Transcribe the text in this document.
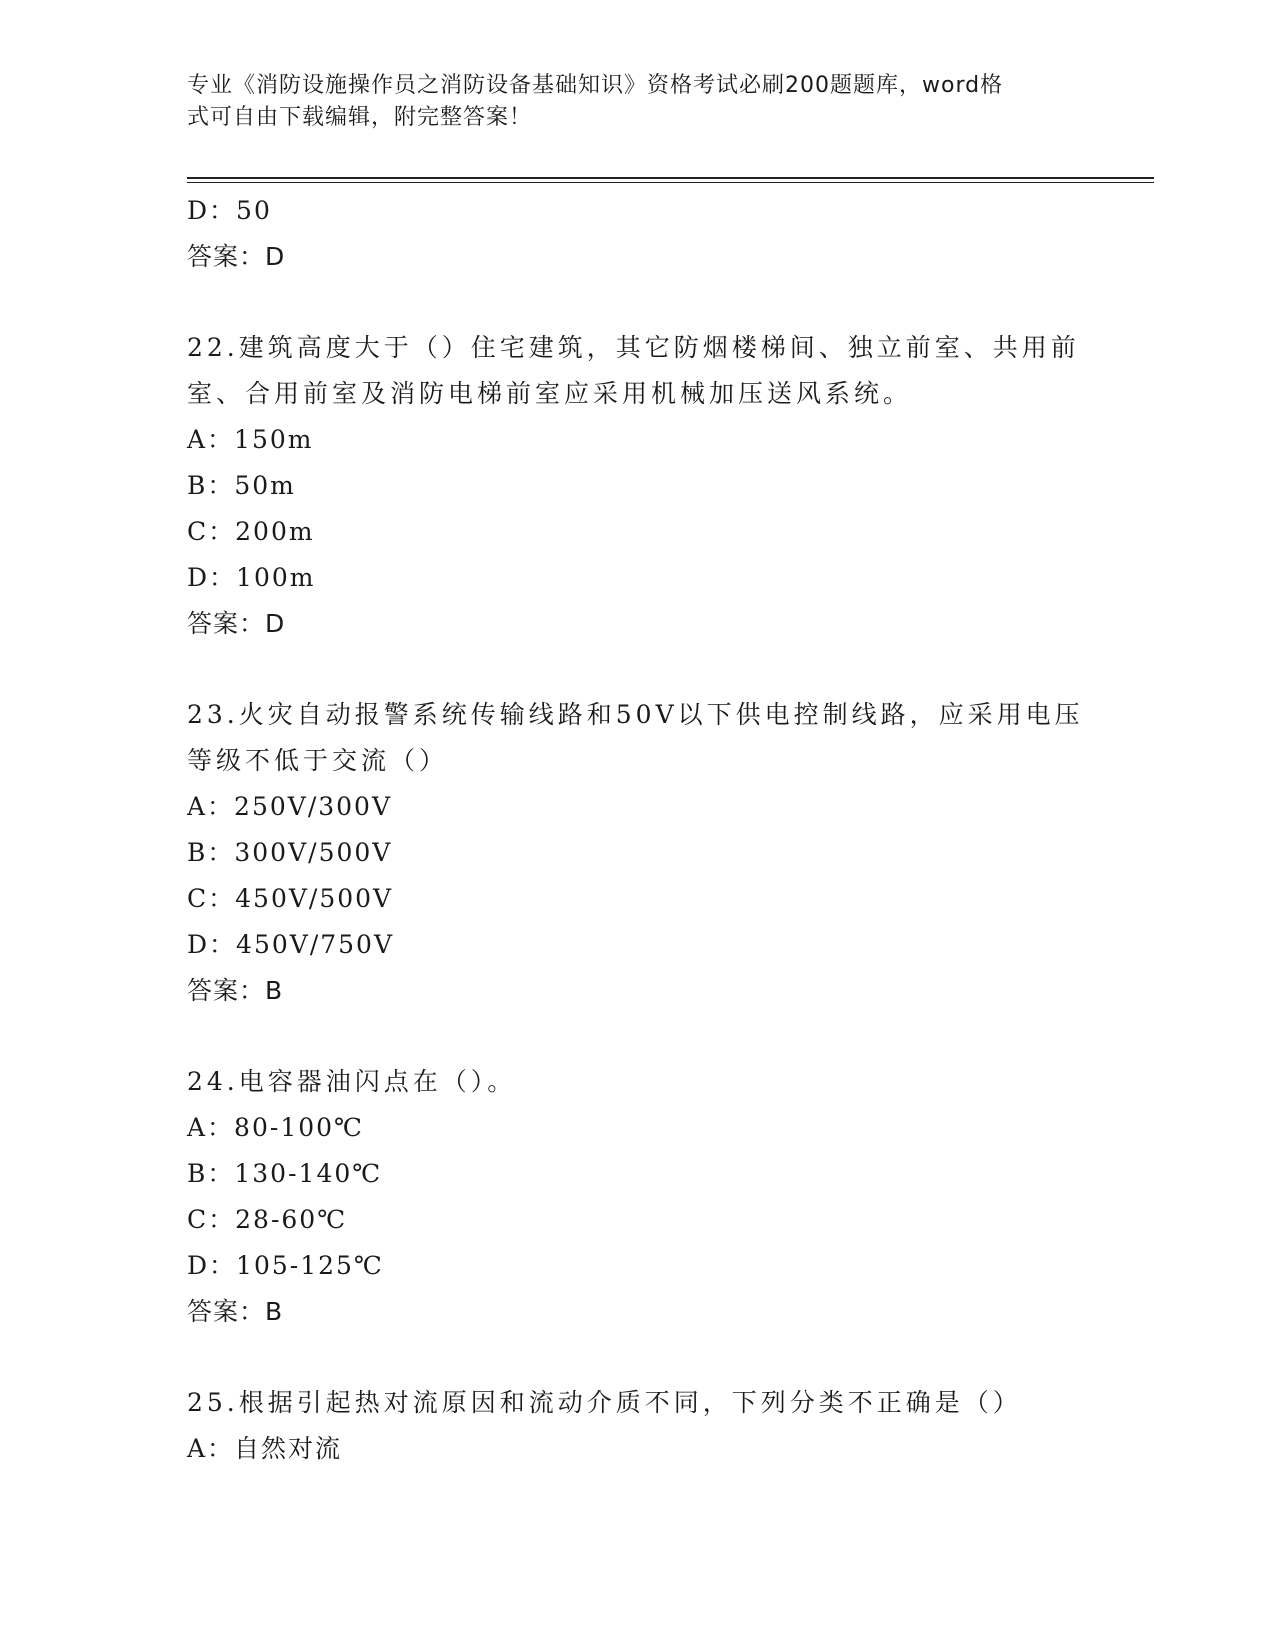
专业《消防设施操作员之消防设备基础知识》资格考试必刷200题题库，word格
式可自由下载编辑，附完整答案！
D：50
答案：D
22.建筑高度大于（）住宅建筑，其它防烟楼梯间、独立前室、共用前
室、合用前室及消防电梯前室应采用机械加压送风系统。
A：150m
B：50m
C：200m
D：100m
答案：D
23.火灾自动报警系统传输线路和50V以下供电控制线路，应采用电压
等级不低于交流（）
A：250V/300V
B：300V/500V
C：450V/500V
D：450V/750V
答案：B
24.电容器油闪点在（）。
A：80-100℃
B：130-140℃
C：28-60℃
D：105-125℃
答案：B
25.根据引起热对流原因和流动介质不同，下列分类不正确是（）
A：自然对流
